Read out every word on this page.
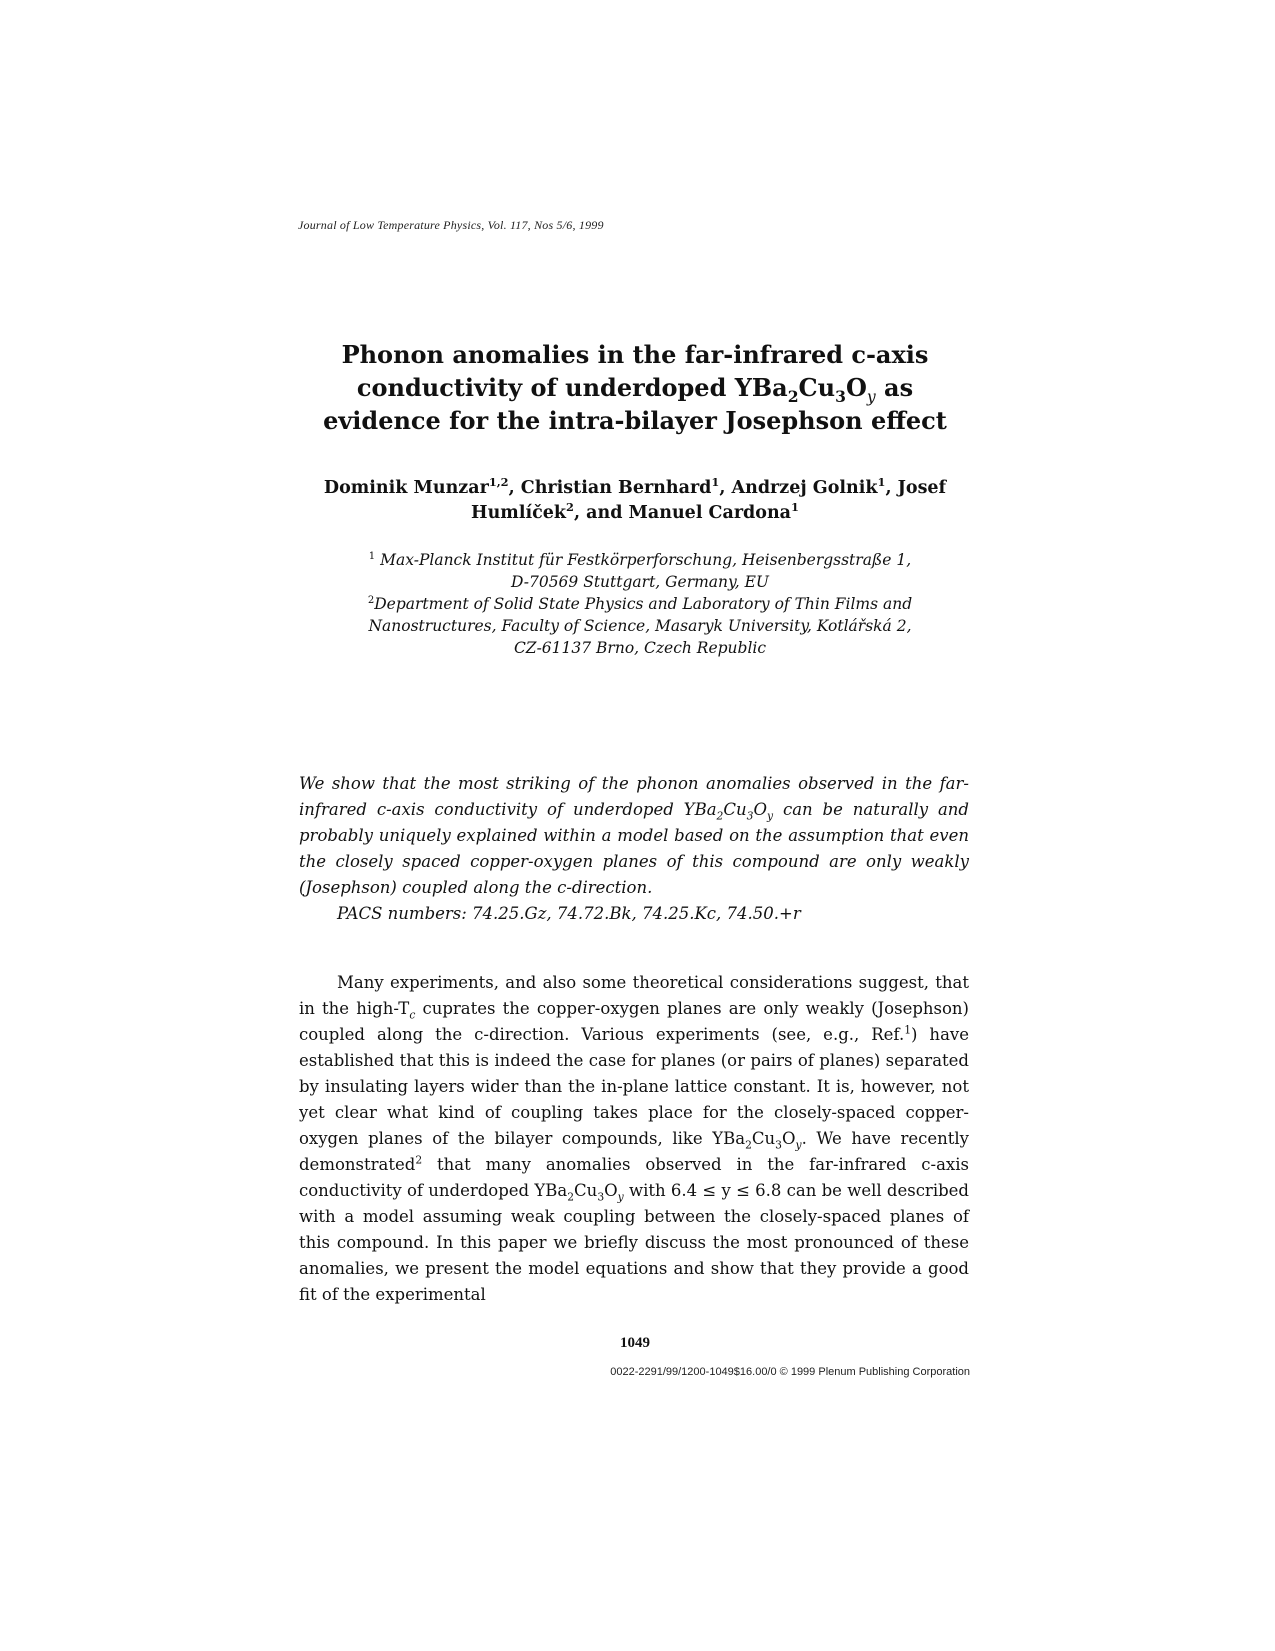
Journal of Low Temperature Physics, Vol. 117, Nos 5/6, 1999
Phonon anomalies in the far-infrared c-axis
conductivity of underdoped $YBa_2Cu_3O_y$ as
evidence for the intra-bilayer Josephson effect
Dominik Munzar$^{1,2}$, Christian Bernhard$^1$, Andrzej Golnik$^1$, Josef Humlíček$^2$, and Manuel Cardona$^1$
$^1$ Max-Planck Institut für Festkörperforschung, Heisenbergsstraße 1,
D-70569 Stuttgart, Germany, EU
$^2$Department of Solid State Physics and Laboratory of Thin Films and
Nanostructures, Faculty of Science, Masaryk University, Kotlářská 2,
CZ-61137 Brno, Czech Republic

We show that the most striking of the phonon anomalies observed in the far-infrared c-axis conductivity of underdoped $YBa_2Cu_3O_y$ can be naturally and probably uniquely explained within a model based on the assumption that even the closely spaced copper-oxygen planes of this compound are only weakly (Josephson) coupled along the c-direction.

PACS numbers: 74.25.Gz, 74.72.Bk, 74.25.Kc, 74.50.+r

Many experiments, and also some theoretical considerations suggest, that in the high-$T_c$ cuprates the copper-oxygen planes are only weakly (Josephson) coupled along the c-direction. Various experiments (see, e.g., Ref.$^1$) have established that this is indeed the case for planes (or pairs of planes) separated by insulating layers wider than the in-plane lattice constant. It is, however, not yet clear what kind of coupling takes place for the closely-spaced copper-oxygen planes of the bilayer compounds, like $YBa_2Cu_3O_y$. We have recently demonstrated$^2$ that many anomalies observed in the far-infrared c-axis conductivity of underdoped $YBa_2Cu_3O_y$ with 6.4 ≤ y ≤ 6.8 can be well described with a model assuming weak coupling between the closely-spaced planes of this compound. In this paper we briefly discuss the most pronounced of these anomalies, we present the model equations and show that they provide a good fit of the experimental

1049
0022-2291/99/1200-1049$16.00/0 © 1999 Plenum Publishing Corporation
